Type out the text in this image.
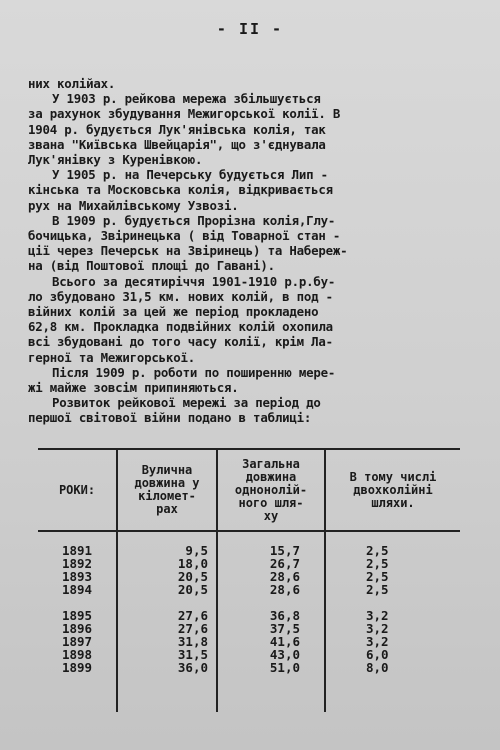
- II -
них колійах.
У 1903 р. рейкова мережа збільшується
за рахунок збудування Межигорської колії. В
1904 р. будується Лук'янівська колія, так
звана "Київська Швейцарія", що з'єднувала
Лук'янівку з Куренівкою.
У 1905 р. на Печерську будується Лип -
кінська та Московська колія, відкривається
рух на Михайлівському Узвозі.
В 1909 р. будується Прорізна колія,Глу-
бочицька, Звіринецька ( від Товарної стан -
ції через Печерськ на Звіринець) та Набереж-
на (від Поштової площі до Гавані).
Всього за десятиріччя 1901-1910 р.р.бу-
ло збудовано 31,5 км. нових колій, в под -
війних колій за цей же період прокладено
62,8 км. Прокладка подвійних колій охопила
всі збудовані до того часу колії, крім Ла-
герної та Межигорської.
Після 1909 р. роботи по поширенню мере-
жі майже зовсім припиняються.
Розвиток рейкової мережі за період до
першої світової війни подано в таблиці:
РОКИ:
Вулична
довжина у
кіломет-
рах
Загальна
довжина
однонолій-
ного шля-
ху
В тому числі
двохколійні
шляхи.
1891
1892
1893
1894
1895
1896
1897
1898
1899
9,5
18,0
20,5
20,5
27,6
27,6
31,8
31,5
36,0
15,7
26,7
28,6
28,6
36,8
37,5
41,6
43,0
51,0
2,5
2,5
2,5
2,5
3,2
3,2
3,2
6,0
8,0
